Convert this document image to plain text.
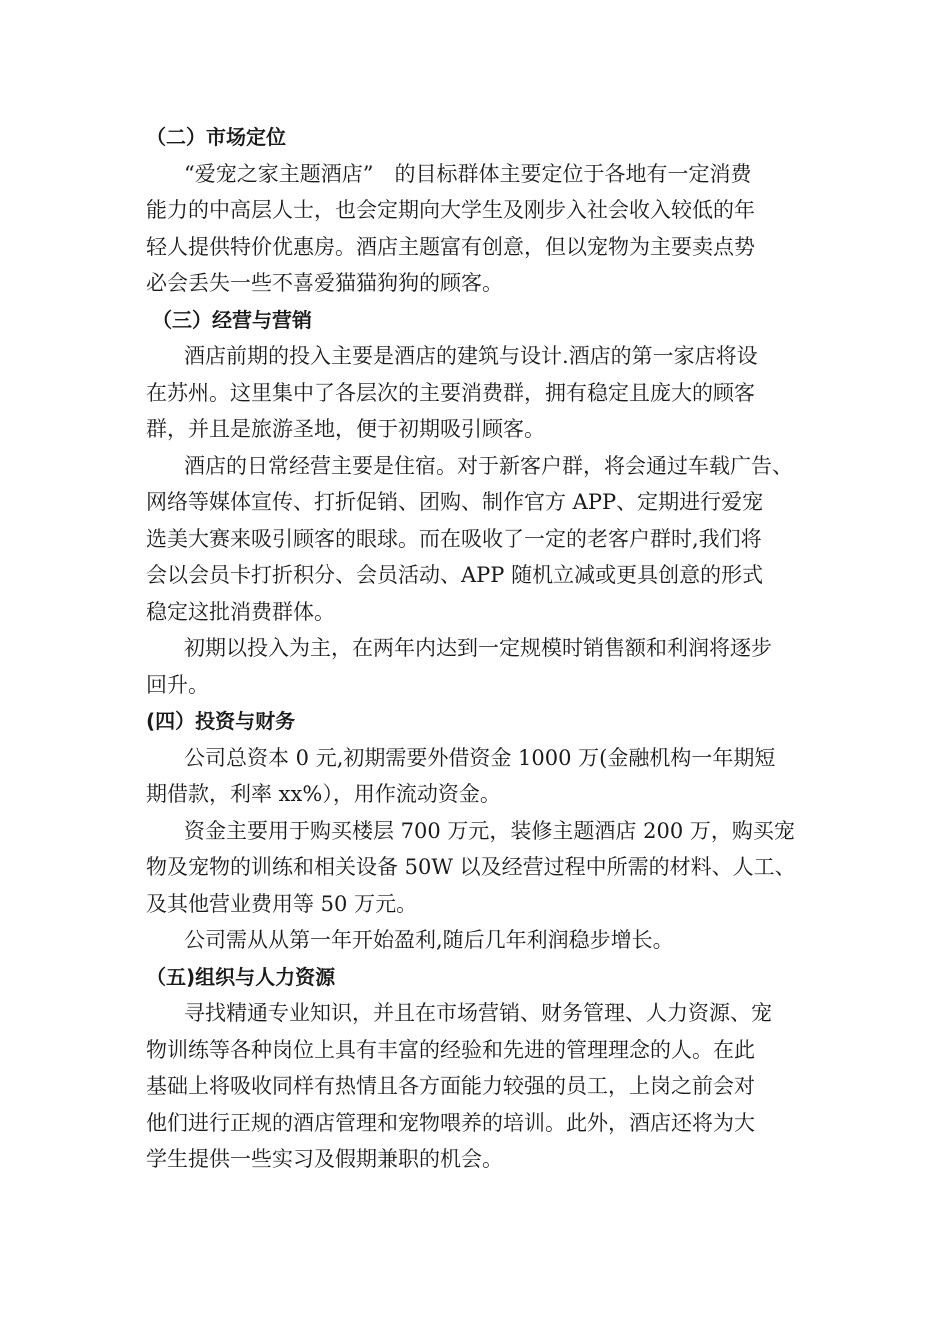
（二）市场定位
“爱宠之家主题酒店”　的目标群体主要定位于各地有一定消费
能力的中高层人士，也会定期向大学生及刚步入社会收入较低的年
轻人提供特价优惠房。酒店主题富有创意，但以宠物为主要卖点势
必会丢失一些不喜爱猫猫狗狗的顾客。
（三）经营与营销
酒店前期的投入主要是酒店的建筑与设计.酒店的第一家店将设
在苏州。这里集中了各层次的主要消费群，拥有稳定且庞大的顾客
群，并且是旅游圣地，便于初期吸引顾客。
酒店的日常经营主要是住宿。对于新客户群，将会通过车载广告、
网络等媒体宣传、打折促销、团购、制作官方 APP、定期进行爱宠
选美大赛来吸引顾客的眼球。而在吸收了一定的老客户群时,我们将
会以会员卡打折积分、会员活动、APP 随机立减或更具创意的形式
稳定这批消费群体。
初期以投入为主，在两年内达到一定规模时销售额和利润将逐步
回升。
(四）投资与财务
公司总资本 0 元,初期需要外借资金 1000 万(金融机构一年期短
期借款，利率 xx%），用作流动资金。
资金主要用于购买楼层 700 万元，装修主题酒店 200 万，购买宠
物及宠物的训练和相关设备 50W 以及经营过程中所需的材料、人工、
及其他营业费用等 50 万元。
公司需从从第一年开始盈利,随后几年利润稳步增长。
（五)组织与人力资源
寻找精通专业知识，并且在市场营销、财务管理、人力资源、宠
物训练等各种岗位上具有丰富的经验和先进的管理理念的人。在此
基础上将吸收同样有热情且各方面能力较强的员工，上岗之前会对
他们进行正规的酒店管理和宠物喂养的培训。此外，酒店还将为大
学生提供一些实习及假期兼职的机会。
